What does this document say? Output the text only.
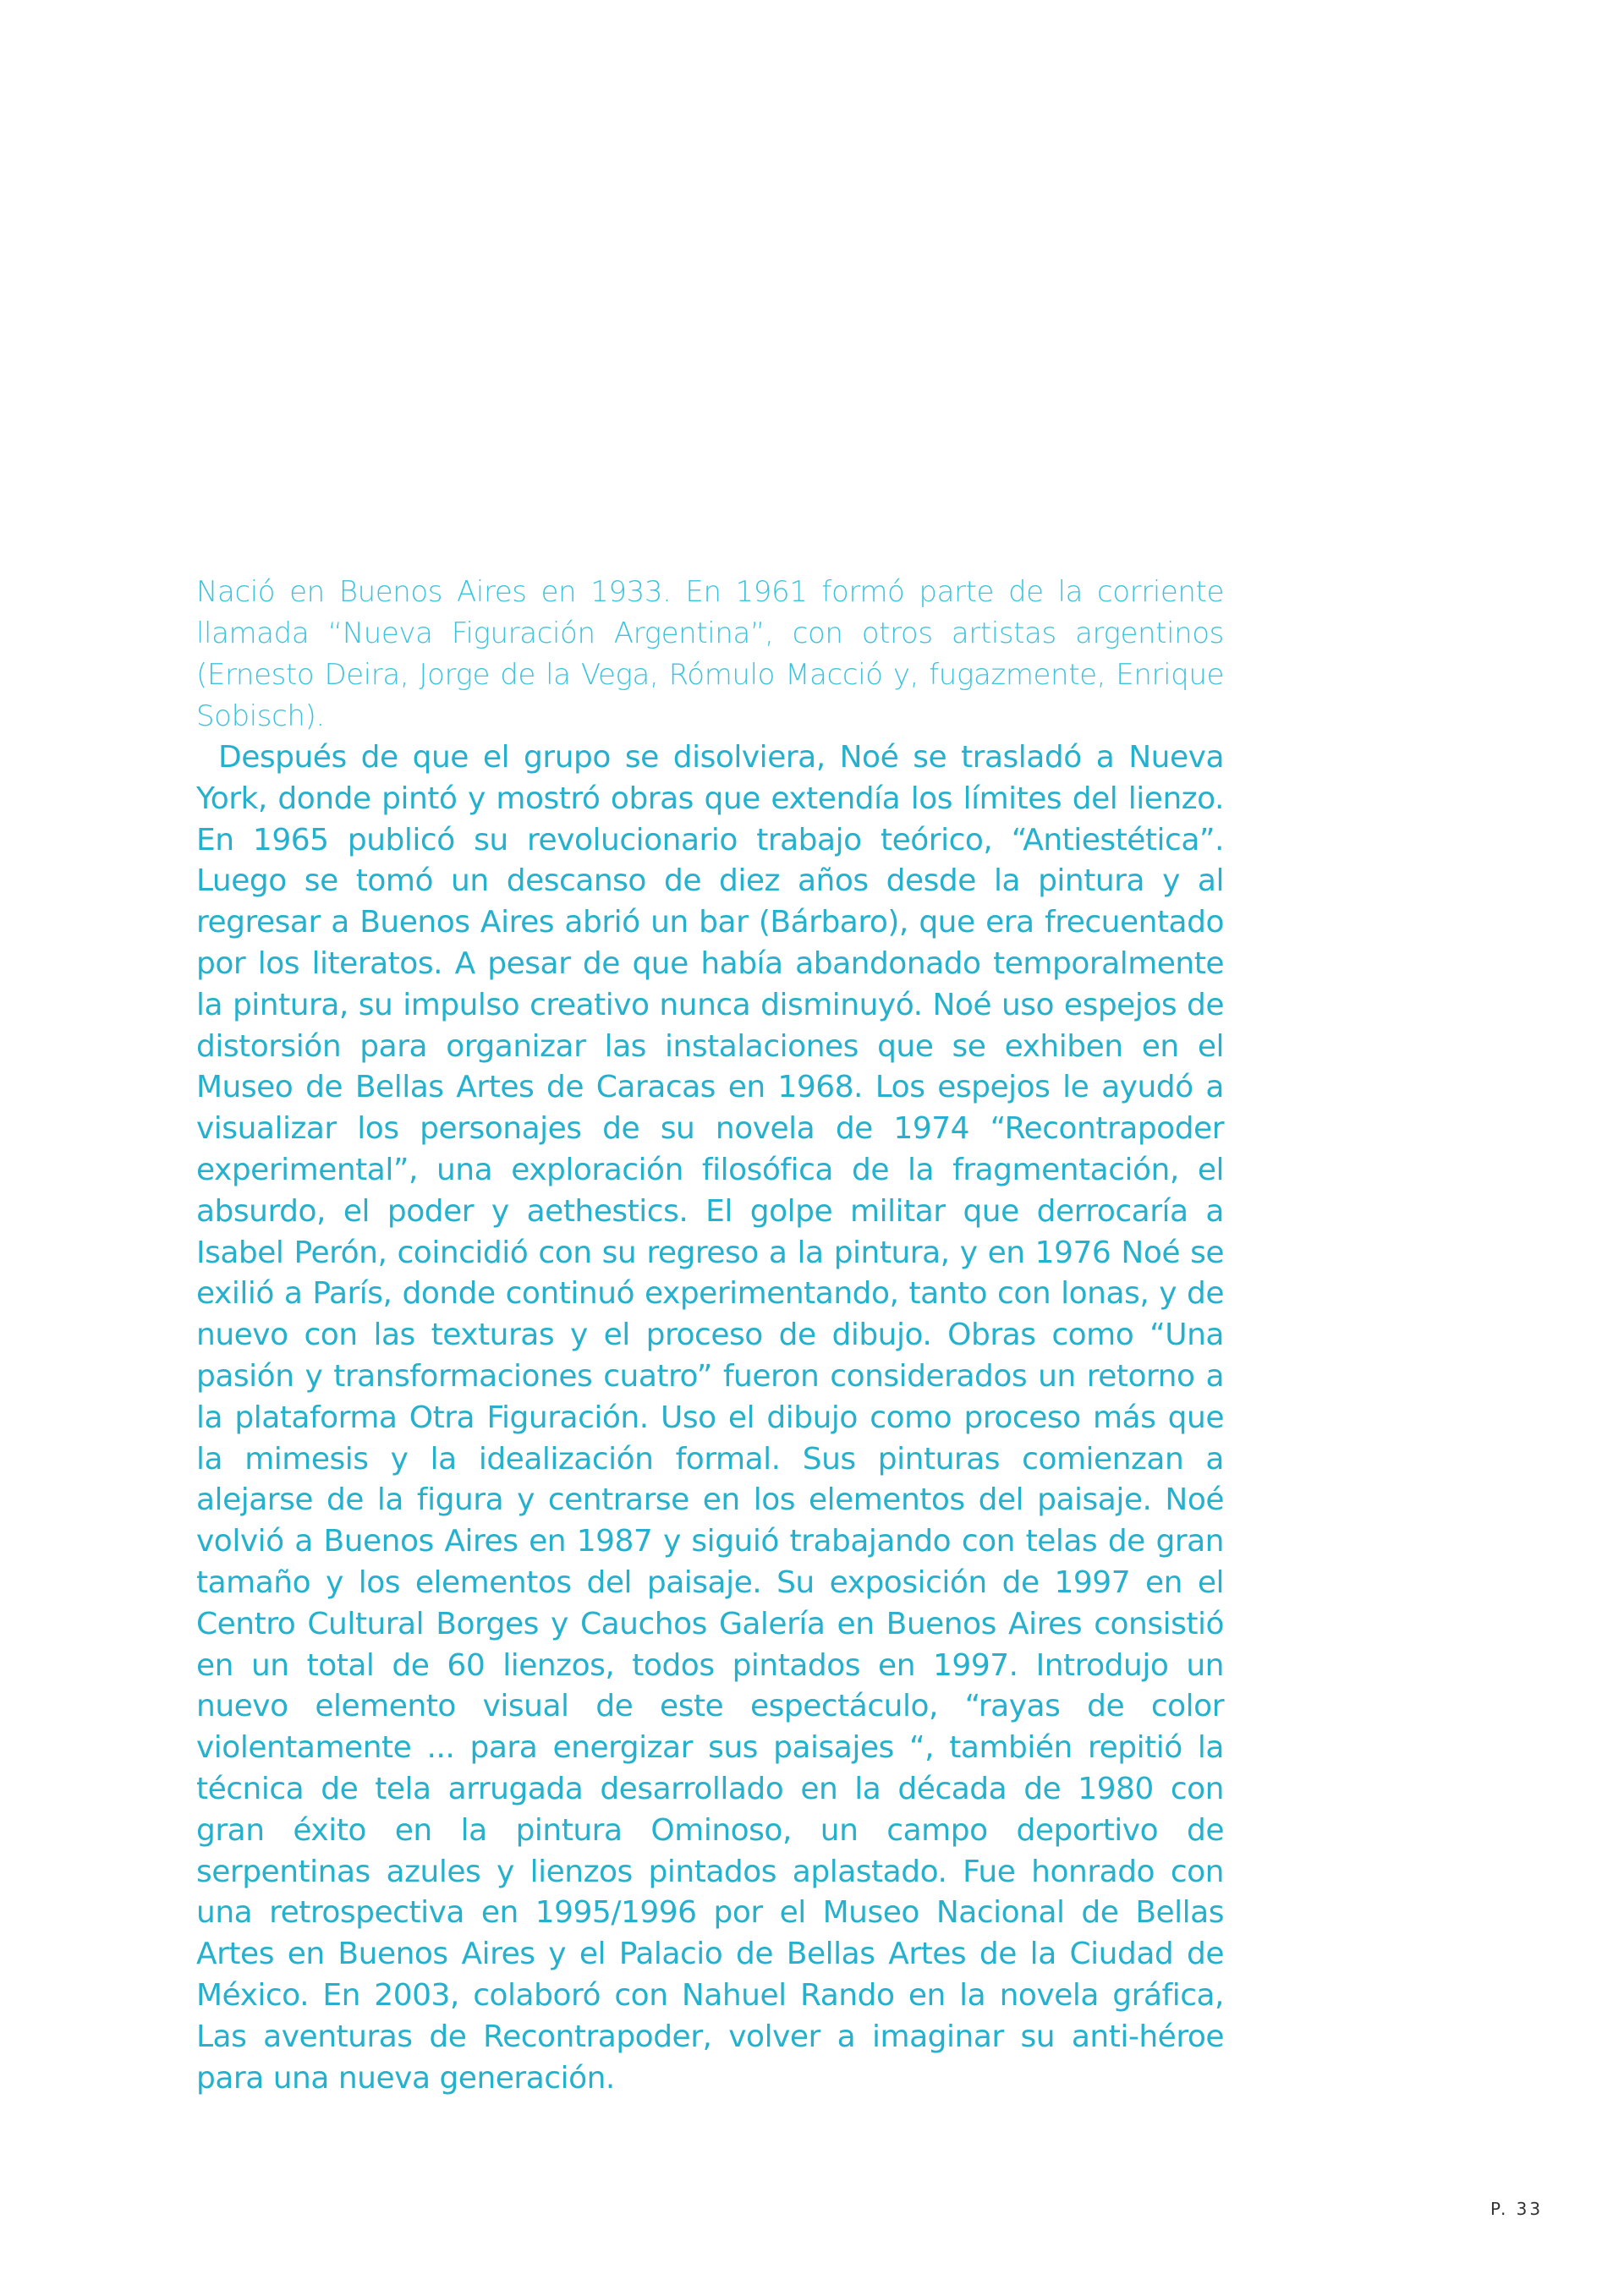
Nació en Buenos Aires en 1933. En 1961 formó parte de la corriente llamada “Nueva Figuración Argentina”, con otros artistas argentinos (Ernesto Deira, Jorge de la Vega, Rómulo Macció y, fugazmente, Enrique Sobisch).

Después de que el grupo se disolviera, Noé se trasladó a Nueva York, donde pintó y mostró obras que extendía los límites del lienzo. En 1965 publicó su revolucionario trabajo teórico, “Antiestética”. Luego se tomó un descanso de diez años desde la pintura y al regresar a Buenos Aires abrió un bar (Bárbaro), que era frecuentado por los literatos. A pesar de que había abandonado temporalmente la pintura, su impulso creativo nunca disminuyó. Noé uso espejos de distorsión para organizar las instalaciones que se exhiben en el Museo de Bellas Artes de Caracas en 1968. Los espejos le ayudó a visualizar los personajes de su novela de 1974 “Recontrapoder experimental”, una exploración filosófica de la fragmentación, el absurdo, el poder y aethestics. El golpe militar que derrocaría a Isabel Perón, coincidió con su regreso a la pintura, y en 1976 Noé se exilió a París, donde continuó experimentando, tanto con lonas, y de nuevo con las texturas y el proceso de dibujo. Obras como “Una pasión y transformaciones cuatro” fueron considerados un retorno a la plataforma Otra Figuración. Uso el dibujo como proceso más que la mimesis y la idealización formal. Sus pinturas comienzan a alejarse de la figura y centrarse en los elementos del paisaje. Noé volvió a Buenos Aires en 1987 y siguió trabajando con telas de gran tamaño y los elementos del paisaje. Su exposición de 1997 en el Centro Cultural Borges y Cauchos Galería en Buenos Aires consistió en un total de 60 lienzos, todos pintados en 1997. Introdujo un nuevo elemento visual de este espectáculo, “rayas de color violentamente ... para energizar sus paisajes “, también repitió la técnica de tela arrugada desarrollado en la década de 1980 con gran éxito en la pintura Ominoso, un campo deportivo de serpentinas azules y lienzos pintados aplastado. Fue honrado con una retrospectiva en 1995/1996 por el Museo Nacional de Bellas Artes en Buenos Aires y el Palacio de Bellas Artes de la Ciudad de México. En 2003, colaboró con Nahuel Rando en la novela gráfica, Las aventuras de Recontrapoder, volver a imaginar su anti-héroe para una nueva generación.

P. 33
